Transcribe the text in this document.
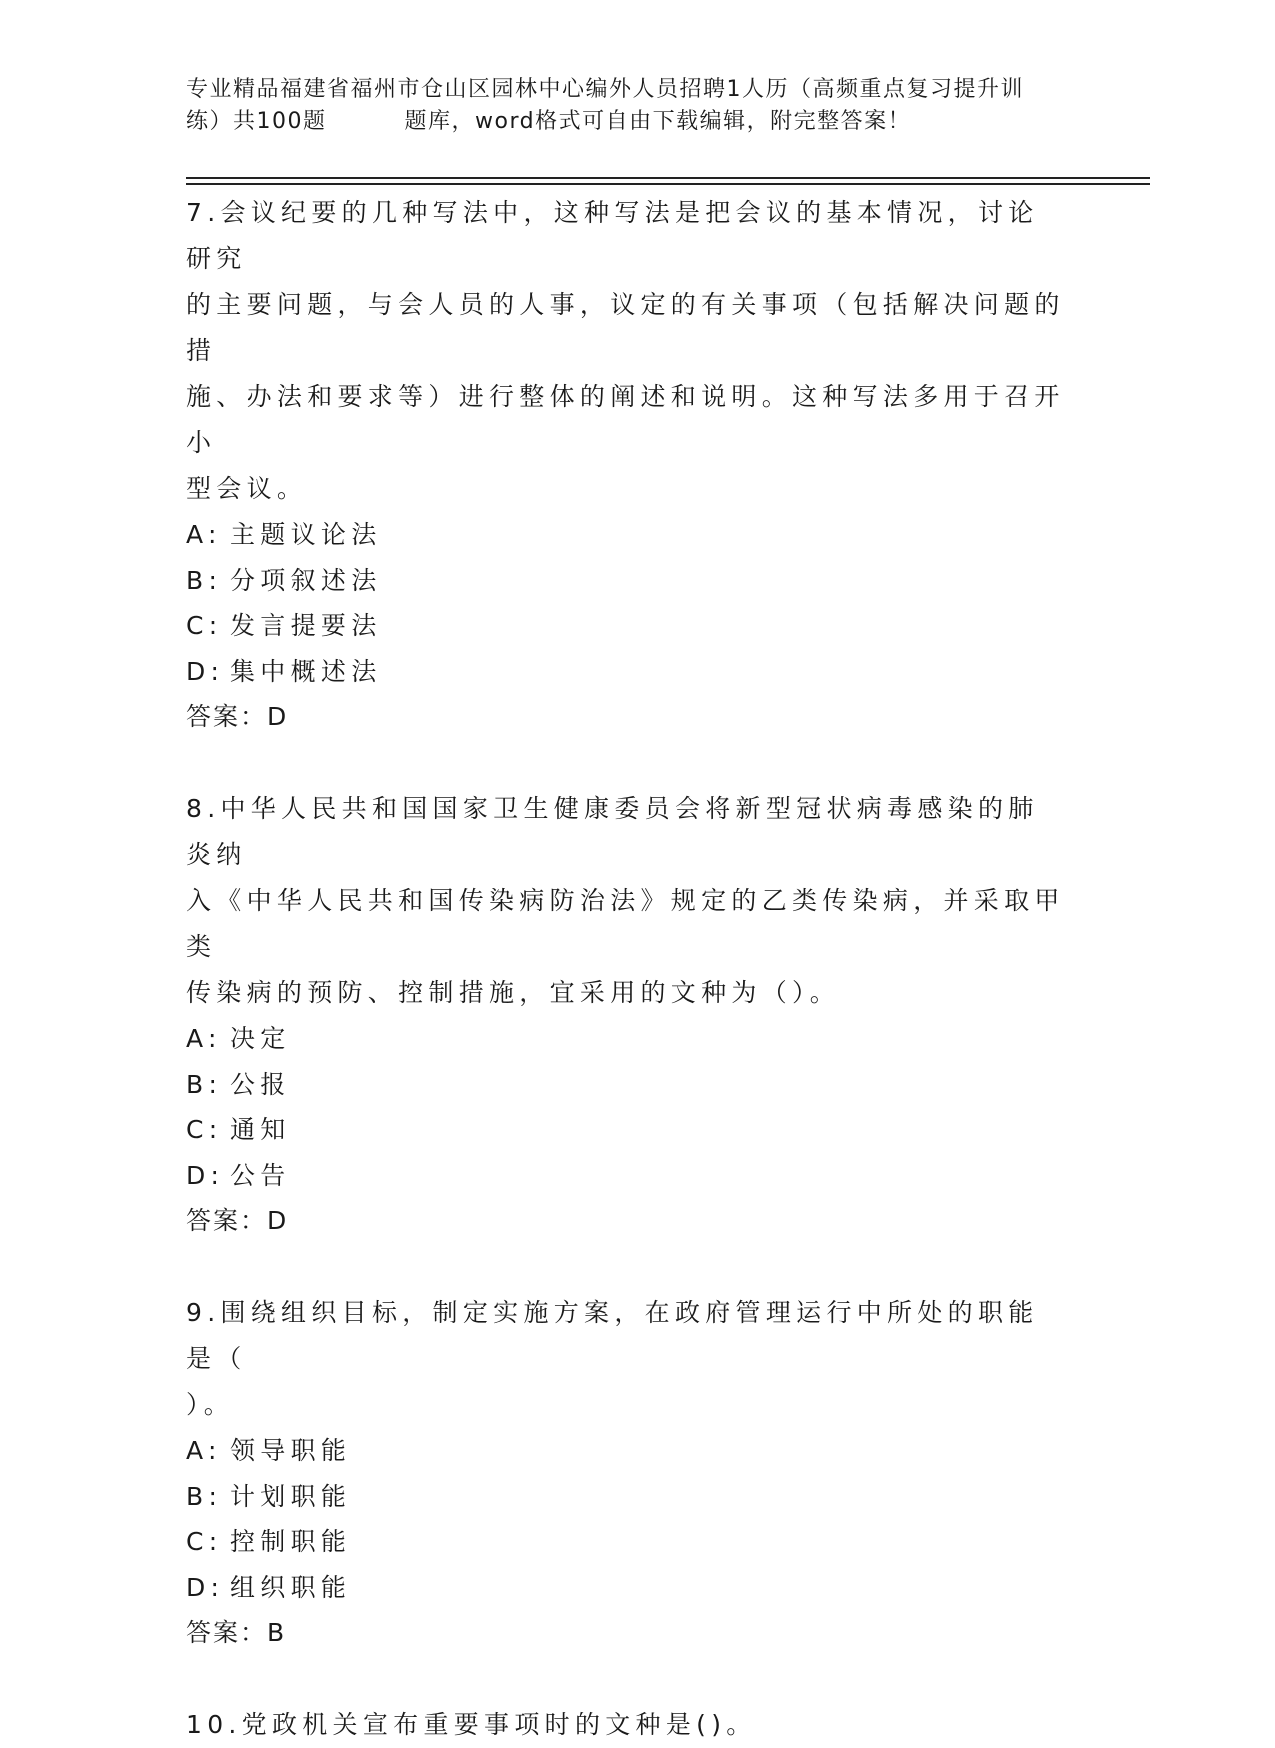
专业精品福建省福州市仓山区园林中心编外人员招聘1人历（高频重点复习提升训
练）共100题	题库，word格式可自由下载编辑，附完整答案！

7.会议纪要的几种写法中，这种写法是把会议的基本情况，讨论研究

的主要问题，与会人员的人事，议定的有关事项（包括解决问题的措

施、办法和要求等）进行整体的阐述和说明。这种写法多用于召开小

型会议。

A: 主题议论法

B: 分项叙述法

C: 发言提要法

D: 集中概述法

答案：D

8.中华人民共和国国家卫生健康委员会将新型冠状病毒感染的肺炎纳

入《中华人民共和国传染病防治法》规定的乙类传染病，并采取甲类

传染病的预防、控制措施，宜采用的文种为（）。

A: 决定

B: 公报

C: 通知

D: 公告

答案：D

9.围绕组织目标，制定实施方案，在政府管理运行中所处的职能是（

）。

A: 领导职能

B: 计划职能

C: 控制职能

D: 组织职能

答案：B

10.党政机关宣布重要事项时的文种是()。
